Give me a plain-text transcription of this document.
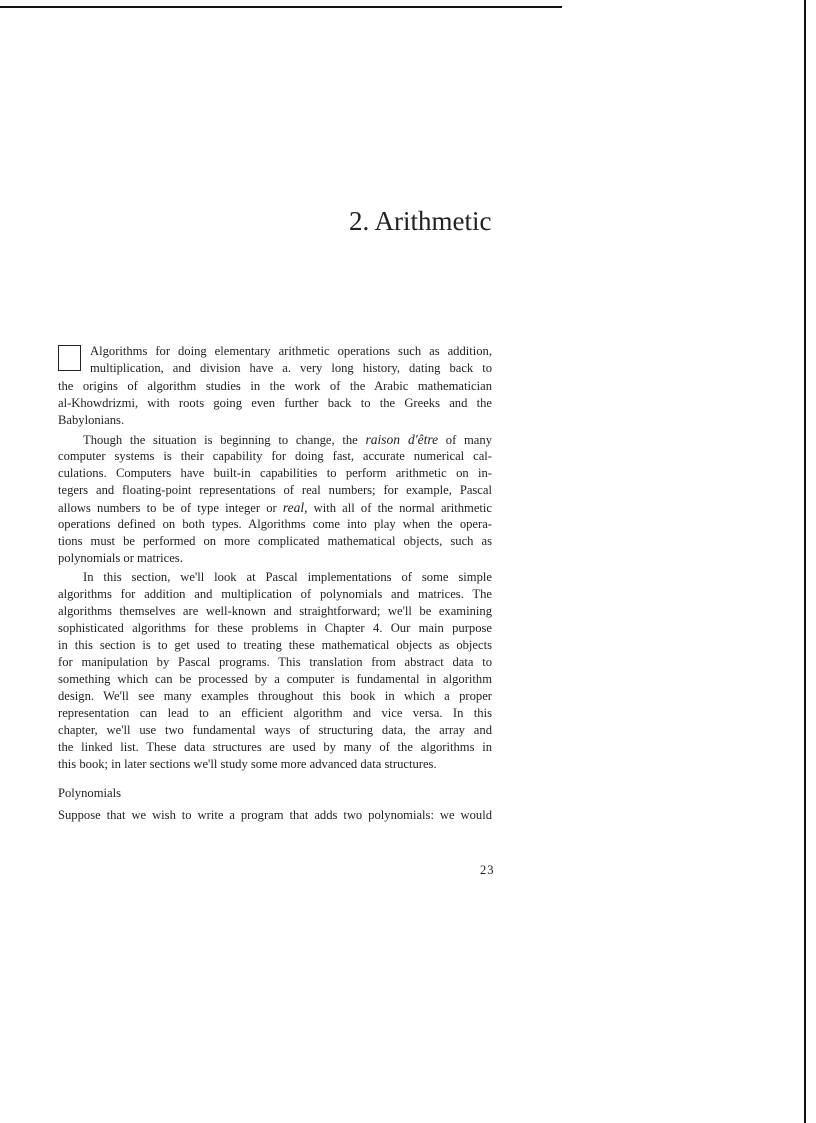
2. Arithmetic
Algorithms for doing elementary arithmetic operations such as addition,
multiplication, and division have a. very long history, dating back to
the origins of algorithm studies in the work of the Arabic mathematician
al-Khowdrizmi, with roots going even further back to the Greeks and the
Babylonians.
Though the situation is beginning to change, the raison d'être of many
computer systems is their capability for doing fast, accurate numerical cal-
culations. Computers have built-in capabilities to perform arithmetic on in-
tegers and floating-point representations of real numbers; for example, Pascal
allows numbers to be of type integer or real, with all of the normal arithmetic
operations defined on both types. Algorithms come into play when the opera-
tions must be performed on more complicated mathematical objects, such as
polynomials or matrices.
In this section, we'll look at Pascal implementations of some simple
algorithms for addition and multiplication of polynomials and matrices. The
algorithms themselves are well-known and straightforward; we'll be examining
sophisticated algorithms for these problems in Chapter 4. Our main purpose
in this section is to get used to treating these mathematical objects as objects
for manipulation by Pascal programs. This translation from abstract data to
something which can be processed by a computer is fundamental in algorithm
design. We'll see many examples throughout this book in which a proper
representation can lead to an efficient algorithm and vice versa. In this
chapter, we'll use two fundamental ways of structuring data, the array and
the linked list. These data structures are used by many of the algorithms in
this book; in later sections we'll study some more advanced data structures.
Polynomials
Suppose that we wish to write a program that adds two polynomials: we would
23
